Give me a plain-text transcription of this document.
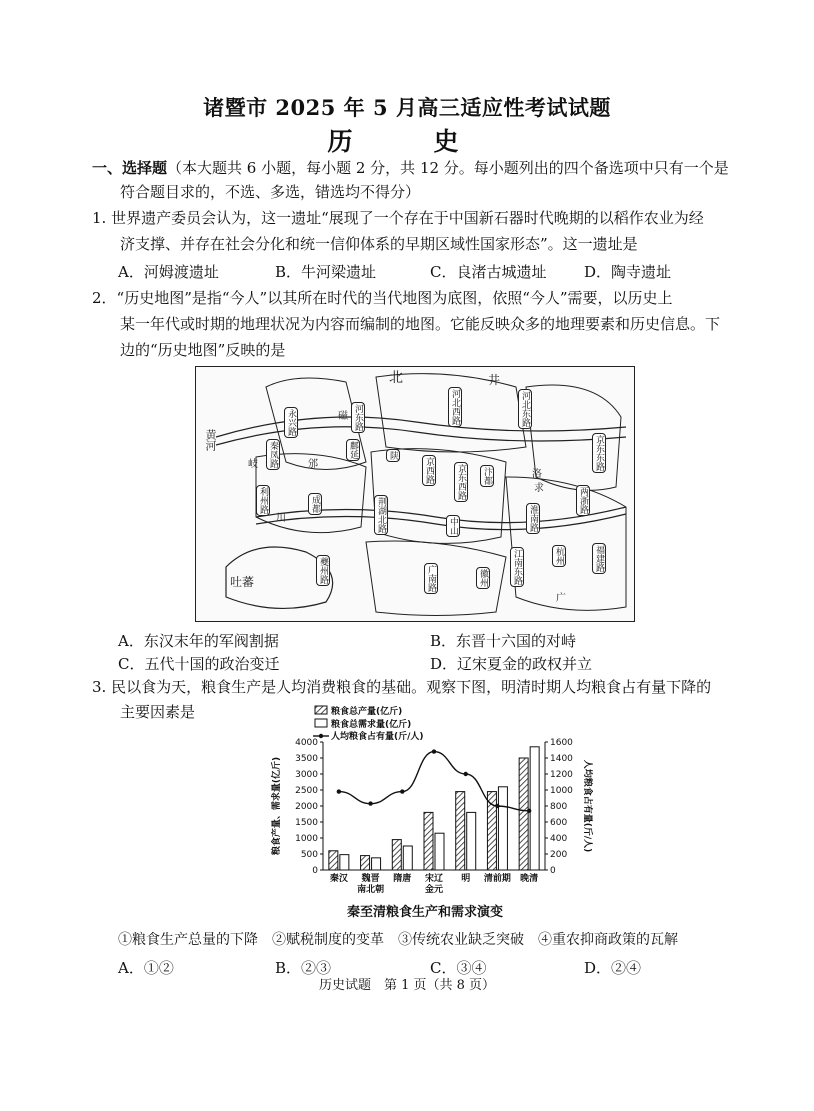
诸暨市 2025 年 5 月高三适应性考试试题
历　史
一、选择题（本大题共 6 小题，每小题 2 分，共 12 分。每小题列出的四个备选项中只有一个是
符合题目求的，不选、多选，错选均不得分）
1. 世界遗产委员会认为，这一遗址“展现了一个存在于中国新石器时代晚期的以稻作农业为经
济支撑、并存在社会分化和统一信仰体系的早期区域性国家形态”。这一遗址是
A．河姆渡遗址	B．牛河梁遗址	C．良渚古城遗址	D．陶寺遗址
2．“历史地图”是指“今人”以其所在时代的当代地图为底图，依照“今人”需要，以历史上
某一年代或时期的地理状况为内容而编制的地图。它能反映众多的地理要素和历史信息。下
边的“历史地图”反映的是
北	井
黄河
岐	邠
川
磁
洛
求
吐蕃
永兴路	河东路	河北西路	河北东路
京东东路
京东西路
秦凤路	鄜延	陕
京西路
利州路	成都	荆湖北路	中山
汴都
淮南路
两浙路
杭州
江南东路	福建路
广南路
夔州路	徽州
广
A．东汉末年的军阀割据	B．东晋十六国的对峙
C．五代十国的政治变迁	D．辽宋夏金的政权并立
3. 民以食为天，粮食生产是人均消费粮食的基础。观察下图，明清时期人均粮食占有量下降的
主要因素是
0
500
1000
1500
2000
2500
3000
3500
4000
0
200
400
600
800
1000
1200
1400
1600
粮食产量、需求量(亿斤)	人均粮食占有量(斤/人)
秦汉 魏晋
南北朝
隋唐 宋辽
金元
明 清前期 晚清
粮食总产量(亿斤)
粮食总需求量(亿斤)
人均粮食占有量(斤/人)
秦至清粮食生产和需求演变
①粮食生产总量的下降　②赋税制度的变革　③传统农业缺乏突破　④重农抑商政策的瓦解
A．①②	B．②③	C．③④	D．②④
历史试题　第 1 页（共 8 页）
